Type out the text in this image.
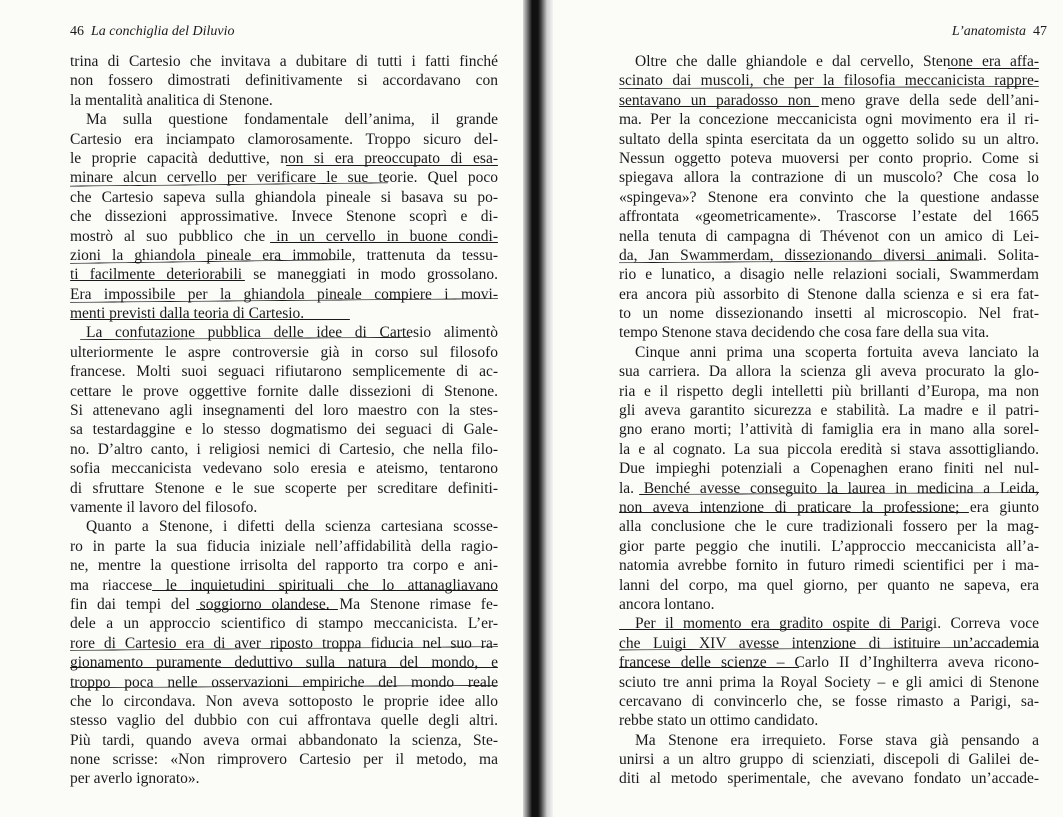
46 La conchiglia del Diluvio
trina di Cartesio che invitava a dubitare di tutti i fatti finché
non fossero dimostrati definitivamente si accordavano con
la mentalità analitica di Stenone.
Ma sulla questione fondamentale dell’anima, il grande
Cartesio era inciampato clamorosamente. Troppo sicuro del-
le proprie capacità deduttive, non si era preoccupato di esa-
minare alcun cervello per verificare le sue teorie. Quel poco
che Cartesio sapeva sulla ghiandola pineale si basava su po-
che dissezioni approssimative. Invece Stenone scoprì e di-
mostrò al suo pubblico che in un cervello in buone condi-
zioni la ghiandola pineale era immobile, trattenuta da tessu-
ti facilmente deteriorabili se maneggiati in modo grossolano.
Era impossibile per la ghiandola pineale compiere i movi-
menti previsti dalla teoria di Cartesio.
La confutazione pubblica delle idee di Cartesio alimentò
ulteriormente le aspre controversie già in corso sul filosofo
francese. Molti suoi seguaci rifiutarono semplicemente di ac-
cettare le prove oggettive fornite dalle dissezioni di Stenone.
Si attenevano agli insegnamenti del loro maestro con la stes-
sa testardaggine e lo stesso dogmatismo dei seguaci di Gale-
no. D’altro canto, i religiosi nemici di Cartesio, che nella filo-
sofia meccanicista vedevano solo eresia e ateismo, tentarono
di sfruttare Stenone e le sue scoperte per screditare definiti-
vamente il lavoro del filosofo.
Quanto a Stenone, i difetti della scienza cartesiana scosse-
ro in parte la sua fiducia iniziale nell’affidabilità della ragio-
ne, mentre la questione irrisolta del rapporto tra corpo e ani-
ma riaccese le inquietudini spirituali che lo attanagliavano
fin dai tempi del soggiorno olandese. Ma Stenone rimase fe-
dele a un approccio scientifico di stampo meccanicista. L’er-
rore di Cartesio era di aver riposto troppa fiducia nel suo ra-
gionamento puramente deduttivo sulla natura del mondo, e
troppo poca nelle osservazioni empiriche del mondo reale
che lo circondava. Non aveva sottoposto le proprie idee allo
stesso vaglio del dubbio con cui affrontava quelle degli altri.
Più tardi, quando aveva ormai abbandonato la scienza, Ste-
none scrisse: «Non rimprovero Cartesio per il metodo, ma
per averlo ignorato».
L’anatomista 47
Oltre che dalle ghiandole e dal cervello, Stenone era affa-
scinato dai muscoli, che per la filosofia meccanicista rappre-
sentavano un paradosso non meno grave della sede dell’ani-
ma. Per la concezione meccanicista ogni movimento era il ri-
sultato della spinta esercitata da un oggetto solido su un altro.
Nessun oggetto poteva muoversi per conto proprio. Come si
spiegava allora la contrazione di un muscolo? Che cosa lo
«spingeva»? Stenone era convinto che la questione andasse
affrontata «geometricamente». Trascorse l’estate del 1665
nella tenuta di campagna di Thévenot con un amico di Lei-
da, Jan Swammerdam, dissezionando diversi animali. Solita-
rio e lunatico, a disagio nelle relazioni sociali, Swammerdam
era ancora più assorbito di Stenone dalla scienza e si era fat-
to un nome dissezionando insetti al microscopio. Nel frat-
tempo Stenone stava decidendo che cosa fare della sua vita.
Cinque anni prima una scoperta fortuita aveva lanciato la
sua carriera. Da allora la scienza gli aveva procurato la glo-
ria e il rispetto degli intelletti più brillanti d’Europa, ma non
gli aveva garantito sicurezza e stabilità. La madre e il patri-
gno erano morti; l’attività di famiglia era in mano alla sorel-
la e al cognato. La sua piccola eredità si stava assottigliando.
Due impieghi potenziali a Copenaghen erano finiti nel nul-
la. Benché avesse conseguito la laurea in medicina a Leida,
non aveva intenzione di praticare la professione; era giunto
alla conclusione che le cure tradizionali fossero per la mag-
gior parte peggio che inutili. L’approccio meccanicista all’a-
natomia avrebbe fornito in futuro rimedi scientifici per i ma-
lanni del corpo, ma quel giorno, per quanto ne sapeva, era
ancora lontano.
Per il momento era gradito ospite di Parigi. Correva voce
che Luigi XIV avesse intenzione di istituire un’accademia
francese delle scienze – Carlo II d’Inghilterra aveva ricono-
sciuto tre anni prima la Royal Society – e gli amici di Stenone
cercavano di convincerlo che, se fosse rimasto a Parigi, sa-
rebbe stato un ottimo candidato.
Ma Stenone era irrequieto. Forse stava già pensando a
unirsi a un altro gruppo di scienziati, discepoli di Galilei de-
diti al metodo sperimentale, che avevano fondato un’accade-
